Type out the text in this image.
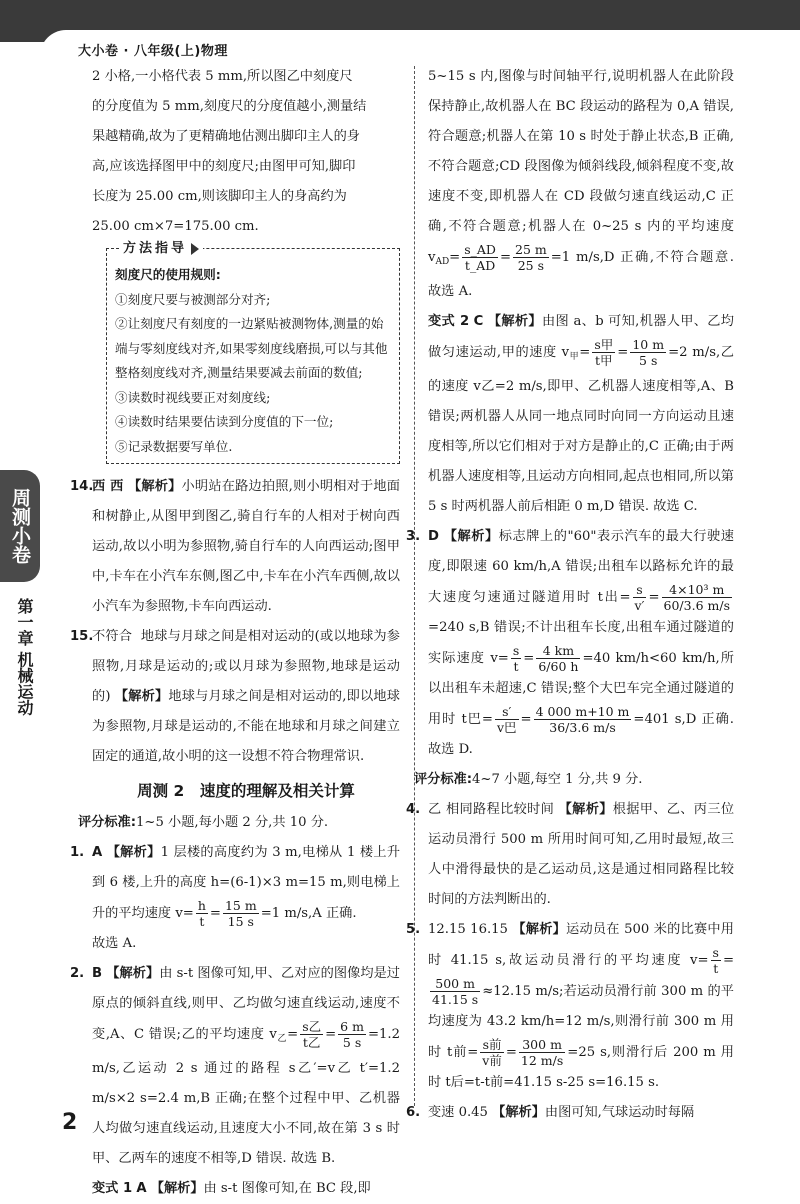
大小卷 · 八年级(上)物理
周测小卷
第一章 机械运动

2 小格,一小格代表 5 mm,所以图乙中刻度尺

的分度值为 5 mm,刻度尺的分度值越小,测量结

果越精确,故为了更精确地估测出脚印主人的身

高,应该选择图甲中的刻度尺;由图甲可知,脚印

长度为 25.00 cm,则该脚印主人的身高约为

25.00 cm×7=175.00 cm.

方法指导
刻度尺的使用规则:
①刻度尺要与被测部分对齐;
②让刻度尺有刻度的一边紧贴被测物体,测量的始端与零刻度线对齐,如果零刻度线磨损,可以与其他整格刻度线对齐,测量结果要减去前面的数值;
③读数时视线要正对刻度线;
④读数时结果要估读到分度值的下一位;
⑤记录数据要写单位.
14.
西 西 【解析】小明站在路边拍照,则小明相对于地面和树静止,从图甲到图乙,骑自行车的人相对于树向西运动,故以小明为参照物,骑自行车的人向西运动;图甲中,卡车在小汽车东侧,图乙中,卡车在小汽车西侧,故以小汽车为参照物,卡车向西运动.
15.
不符合 地球与月球之间是相对运动的(或以地球为参照物,月球是运动的;或以月球为参照物,地球是运动的) 【解析】地球与月球之间是相对运动的,即以地球为参照物,月球是运动的,不能在地球和月球之间建立固定的通道,故小明的这一设想不符合物理常识.
周测 2　速度的理解及相关计算
评分标准:1~5 小题,每小题 2 分,共 10 分.
1. A 【解析】1 层楼的高度约为 3 m,电梯从 1 楼上升到 6 楼,上升的高度 h=(6-1)×3 m=15 m,则电梯上升的平均速度 $v= \frac{h}{t} = \frac{15 m}{15 s} =1$ m/s,A 正确.

故选 A.

2. B 【解析】由 s-t 图像可知,甲、乙对应的图像均是过原点的倾斜直线,则甲、乙均做匀速直线运动,速度不变,A、C 错误;乙的平均速度 $v_乙= \frac{\text{s乙}}{\text{t乙}} = \frac{6 m}{5 s} =1.2$ m/s,乙运动 2 s 通过的路程 s乙′=v乙 t′=1.2 m/s×2 s=2.4 m,B 正确;在整个过程中甲、乙机器人均做匀速直线运动,且速度大小不同,故在第 3 s 时甲、乙两车的速度不相等,D 错误. 故选 B.
变式 1 A 【解析】由 s-t 图像可知,在 BC 段,即
5~15 s 内,图像与时间轴平行,说明机器人在此阶段保持静止,故机器人在 BC 段运动的路程为 0,A 错误,符合题意;机器人在第 10 s 时处于静止状态,B 正确,不符合题意;CD 段图像为倾斜线段,倾斜程度不变,故速度不变,即机器人在 CD 段做匀速直线运动,C 正确,不符合题意;机器人在 0~25 s 内的平均速度 $v_{AD}= \frac{s\_AD}{t\_AD} = \frac{25 m}{25 s} =1$ m/s,D 正确,不符合题意. 故选 A.
变式 2 C 【解析】由图 a、b 可知,机器人甲、乙均做匀速运动,甲的速度 $v_甲= \frac{\text{s甲}}{\text{t甲}} = \frac{10 m}{5 s} =2$ m/s,乙的速度 v乙=2 m/s,即甲、乙机器人速度相等,A、B 错误;两机器人从同一地点同时向同一方向运动且速度相等,所以它们相对于对方是静止的,C 正确;由于两机器人速度相等,且运动方向相同,起点也相同,所以第 5 s 时两机器人前后相距 0 m,D 错误. 故选 C.
3. D 【解析】标志牌上的"60"表示汽车的最大行驶速度,即限速 60 km/h,A 错误;出租车以路标允许的最大速度匀速通过隧道用时 t出= $\frac{s}{v'} = \frac{\text{4×10³ m}}{60/3.6 m/s}$
=240 s,B 错误;不计出租车长度,出租车通过隧道的实际速度 $v= \frac{s}{t} = \frac{4 km}{6/60 h} =40$ km/h<60 km/h,所以出租车未超速,C 错误;整个大巴车完全通过隧道的用时 t巴= $\frac{s'}{\text{v巴}} = \frac{4 000 m+10 m}{36/3.6 m/s} =401$ s,D 正确. 故选 D.
评分标准:4~7 小题,每空 1 分,共 9 分.
4. 乙 相同路程比较时间 【解析】根据甲、乙、丙三位运动员滑行 500 m 所用时间可知,乙用时最短,故三人中滑得最快的是乙运动员,这是通过相同路程比较时间的方法判断出的.
5. 12.15 16.15 【解析】运动员在 500 米的比赛中用时 41.15 s,故运动员滑行的平均速度 $v= \frac{s}{t}$ =
$\frac{500 m}{41.15 s} \approx 12.15$ m/s;若运动员滑行前 300 m 的平均速度为 43.2 km/h=12 m/s,则滑行前 300 m 用时 t前= $\frac{\text{s前}}{\text{v前}} = \frac{300 m}{12 m/s} =25$ s,则滑行后 200 m 用时 t后=t-t前=41.15 s-25 s=16.15 s.
6. 变速 0.45 【解析】由图可知,气球运动时每隔
2
